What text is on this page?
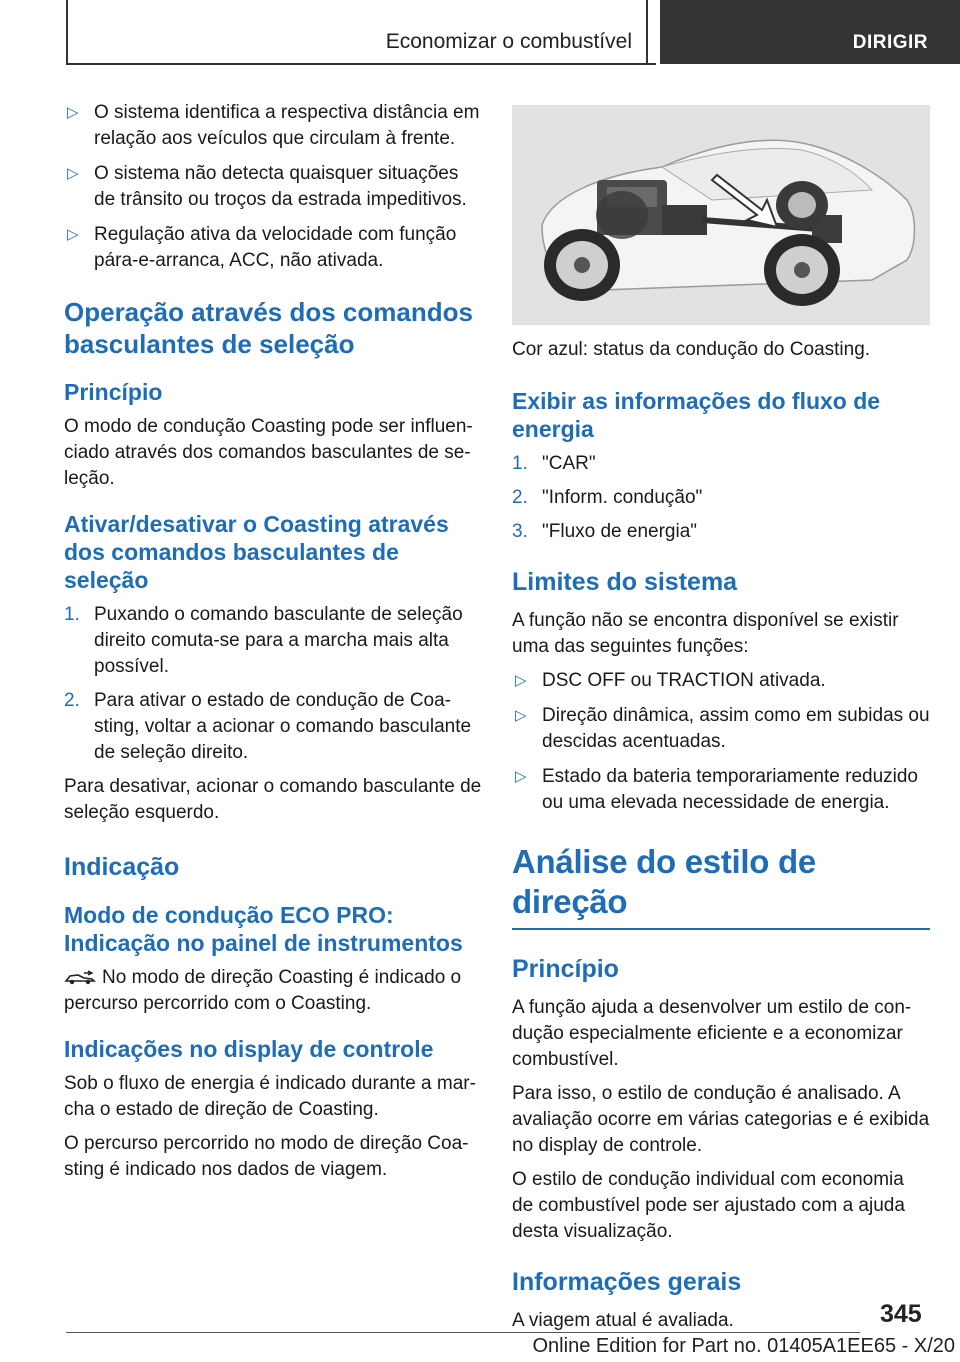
Economizar o combustível	DIRIGIR
▷ O sistema identifica a respectiva distância em relação aos veículos que circulam à frente.
▷ O sistema não detecta quaisquer situações de trânsito ou troços da estrada impeditivos.
▷ Regulação ativa da velocidade com função pára-e-arranca, ACC, não ativada.
Operação através dos comandos basculantes de seleção
Princípio

O modo de condução Coasting pode ser influen-ciado através dos comandos basculantes de se-leção.

Ativar/desativar o Coasting através dos comandos basculantes de seleção
1. Puxando o comando basculante de seleção direito comuta-se para a marcha mais alta possível.
2. Para ativar o estado de condução de Coa-sting, voltar a acionar o comando basculante de seleção direito.

Para desativar, acionar o comando basculante de seleção esquerdo.

Indicação
Modo de condução ECO PRO: Indicação no painel de instrumentos

No modo de direção Coasting é indicado o percurso percorrido com o Coasting.

Indicações no display de controle

Sob o fluxo de energia é indicado durante a mar-cha o estado de direção de Coasting.

O percurso percorrido no modo de direção Coa-sting é indicado nos dados de viagem.

Cor azul: status da condução do Coasting.

Exibir as informações do fluxo de energia
1. "CAR"
2. "Inform. condução"
3. "Fluxo de energia"
Limites do sistema

A função não se encontra disponível se existir uma das seguintes funções:

▷ DSC OFF ou TRACTION ativada.
▷ Direção dinâmica, assim como em subidas ou descidas acentuadas.
▷ Estado da bateria temporariamente reduzido ou uma elevada necessidade de energia.
Análise do estilo de direção
Princípio

A função ajuda a desenvolver um estilo de con-dução especialmente eficiente e a economizar combustível.

Para isso, o estilo de condução é analisado. A avaliação ocorre em várias categorias e é exibida no display de controle.

O estilo de condução individual com economia de combustível pode ser ajustado com a ajuda desta visualização.

Informações gerais

A viagem atual é avaliada.	345
Online Edition for Part no. 01405A1EE65 - X/20
